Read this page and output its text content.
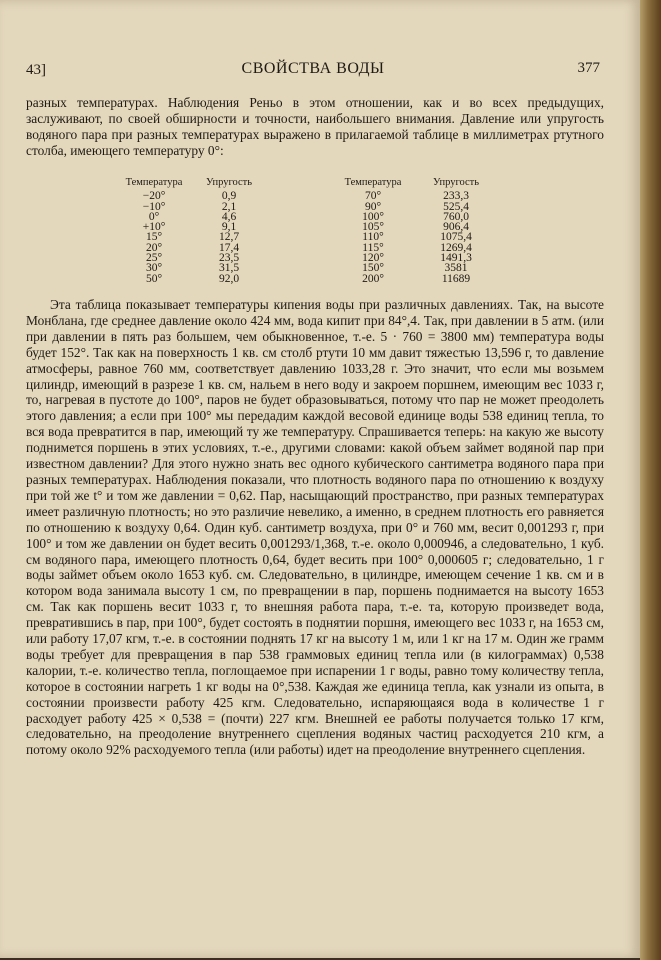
43]	СВОЙСТВА ВОДЫ	377

разных температурах. Наблюдения Реньо в этом отношении, как и во всех предыдущих, заслуживают, по своей обширности и точности, наибольшего внимания. Давление или упругость водяного пара при разных температурах выражено в прилагаемой таблице в миллиметрах ртутного столба, имеющего температуру 0°:

Температура	Упругость		Температура	Упругость
−20°	0,9		70°	233,3
−10°	2,1		90°	525,4
0°	4,6		100°	760,0
+10°	9,1		105°	906,4
15°	12,7		110°	1075,4
20°	17,4		115°	1269,4
25°	23,5		120°	1491,3
30°	31,5		150°	3581
50°	92,0		200°	11689

Эта таблица показывает температуры кипения воды при различных давлениях. Так, на высоте Монблана, где среднее давление около 424 мм, вода кипит при 84°,4. Так, при давлении в 5 атм. (или при давлении в пять раз большем, чем обыкновенное, т.-е. 5 · 760 = 3800 мм) температура воды будет 152°. Так как на поверхность 1 кв. см столб ртути 10 мм давит тяжестью 13,596 г, то давление атмосферы, равное 760 мм, соответствует давлению 1033,28 г. Это значит, что если мы возьмем цилиндр, имеющий в разрезе 1 кв. см, нальем в него воду и закроем поршнем, имеющим вес 1033 г, то, нагревая в пустоте до 100°, паров не будет образовываться, потому что пар не может преодолеть этого давления; а если при 100° мы передадим каждой весовой единице воды 538 единиц тепла, то вся вода превратится в пар, имеющий ту же температуру. Спрашивается теперь: на какую же высоту поднимется поршень в этих условиях, т.-е., другими словами: какой объем займет водяной пар при известном давлении? Для этого нужно знать вес одного кубического сантиметра водяного пара при разных температурах. Наблюдения показали, что плотность водяного пара по отношению к воздуху при той же t° и том же давлении = 0,62. Пар, насыщающий пространство, при разных температурах имеет различную плотность; но это различие невелико, а именно, в среднем плотность его равняется по отношению к воздуху 0,64. Один куб. сантиметр воздуха, при 0° и 760 мм, весит 0,001293 г, при 100° и том же давлении он будет весить 0,001293/1,368, т.-е. около 0,000946, а следовательно, 1 куб. см водяного пара, имеющего плотность 0,64, будет весить при 100° 0,000605 г; следовательно, 1 г воды займет объем около 1653 куб. см. Следовательно, в цилиндре, имеющем сечение 1 кв. см и в котором вода занимала высоту 1 см, по превращении в пар, поршень поднимается на высоту 1653 см. Так как поршень весит 1033 г, то внешняя работа пара, т.-е. та, которую произведет вода, превратившись в пар, при 100°, будет состоять в поднятии поршня, имеющего вес 1033 г, на 1653 см, или работу 17,07 кгм, т.-е. в состоянии поднять 17 кг на высоту 1 м, или 1 кг на 17 м. Один же грамм воды требует для превращения в пар 538 граммовых единиц тепла или (в килограммах) 0,538 калории, т.-е. количество тепла, поглощаемое при испарении 1 г воды, равно тому количеству тепла, которое в состоянии нагреть 1 кг воды на 0°,538. Каждая же единица тепла, как узнали из опыта, в состоянии произвести работу 425 кгм. Следовательно, испаряющаяся вода в количестве 1 г расходует работу 425 × 0,538 = (почти) 227 кгм. Внешней ее работы получается только 17 кгм, следовательно, на преодоление внутреннего сцепления водяных частиц расходуется 210 кгм, а потому около 92% расходуемого тепла (или работы) идет на преодоление внутреннего сцепления.
